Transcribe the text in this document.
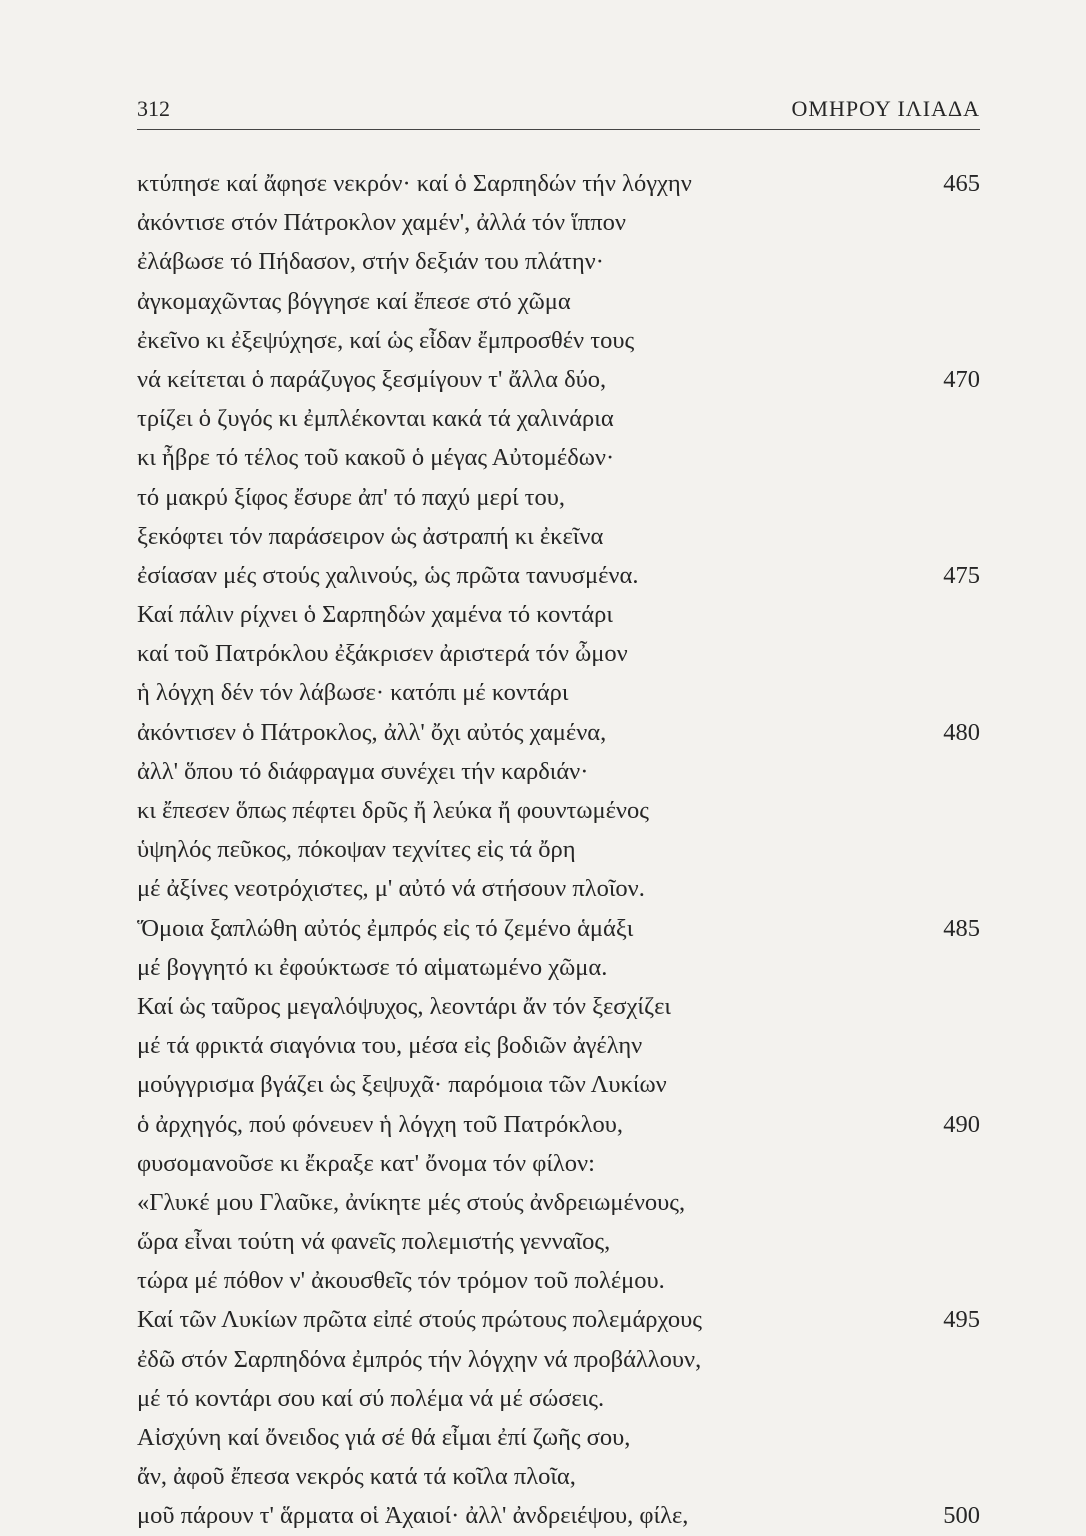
312	ΟΜΗΡΟΥ ΙΛΙΑΔΑ
κτύπησε καί ἄφησε νεκρόν· καί ὁ Σαρπηδών τήν λόγχην	465
ἀκόντισε στόν Πάτροκλον χαμέν', ἀλλά τόν ἵππον
ἐλάβωσε τό Πήδασον, στήν δεξιάν του πλάτην·
ἀγκομαχῶντας βόγγησε καί ἔπεσε στό χῶμα
ἐκεῖνο κι ἐξεψύχησε, καί ὡς εἶδαν ἔμπροσθέν τους
νά κείτεται ὁ παράζυγος ξεσμίγουν τ' ἄλλα δύο,	470
τρίζει ὁ ζυγός κι ἐμπλέκονται κακά τά χαλινάρια
κι ἦβρε τό τέλος τοῦ κακοῦ ὁ μέγας Αὐτομέδων·
τό μακρύ ξίφος ἔσυρε ἀπ' τό παχύ μερί του,
ξεκόφτει τόν παράσειρον ὡς ἀστραπή κι ἐκεῖνα
ἐσίασαν μές στούς χαλινούς, ὡς πρῶτα τανυσμένα.	475
Καί πάλιν ρίχνει ὁ Σαρπηδών χαμένα τό κοντάρι
καί τοῦ Πατρόκλου ἐξάκρισεν ἀριστερά τόν ὦμον
ἡ λόγχη δέν τόν λάβωσε· κατόπι μέ κοντάρι
ἀκόντισεν ὁ Πάτροκλος, ἀλλ' ὄχι αὐτός χαμένα,	480
ἀλλ' ὅπου τό διάφραγμα συνέχει τήν καρδιάν·
κι ἔπεσεν ὅπως πέφτει δρῦς ἤ λεύκα ἤ φουντωμένος
ὑψηλός πεῦκος, πόκοψαν τεχνίτες εἰς τά ὄρη
μέ ἀξίνες νεοτρόχιστες, μ' αὐτό νά στήσουν πλοῖον.
Ὅμοια ξαπλώθη αὐτός ἐμπρός εἰς τό ζεμένο ἁμάξι	485
μέ βογγητό κι ἐφούκτωσε τό αἱματωμένο χῶμα.
Καί ὡς ταῦρος μεγαλόψυχος, λεοντάρι ἄν τόν ξεσχίζει
μέ τά φρικτά σιαγόνια του, μέσα εἰς βοδιῶν ἀγέλην
μούγγρισμα βγάζει ὡς ξεψυχᾶ· παρόμοια τῶν Λυκίων
ὁ ἀρχηγός, πού φόνευεν ἡ λόγχη τοῦ Πατρόκλου,	490
φυσομανοῦσε κι ἔκραξε κατ' ὄνομα τόν φίλον:
«Γλυκέ μου Γλαῦκε, ἀνίκητε μές στούς ἀνδρειωμένους,
ὥρα εἶναι τούτη νά φανεῖς πολεμιστής γενναῖος,
τώρα μέ πόθον ν' ἀκουσθεῖς τόν τρόμον τοῦ πολέμου.
Καί τῶν Λυκίων πρῶτα εἰπέ στούς πρώτους πολεμάρχους	495
ἐδῶ στόν Σαρπηδόνα ἐμπρός τήν λόγχην νά προβάλλουν,
μέ τό κοντάρι σου καί σύ πολέμα νά μέ σώσεις.
Αἰσχύνη καί ὄνειδος γιά σέ θά εἶμαι ἐπί ζωῆς σου,
ἄν, ἀφοῦ ἔπεσα νεκρός κατά τά κοῖλα πλοῖα,
μοῦ πάρουν τ' ἅρματα οἱ Ἀχαιοί· ἀλλ' ἀνδρειέψου, φίλε,	500
